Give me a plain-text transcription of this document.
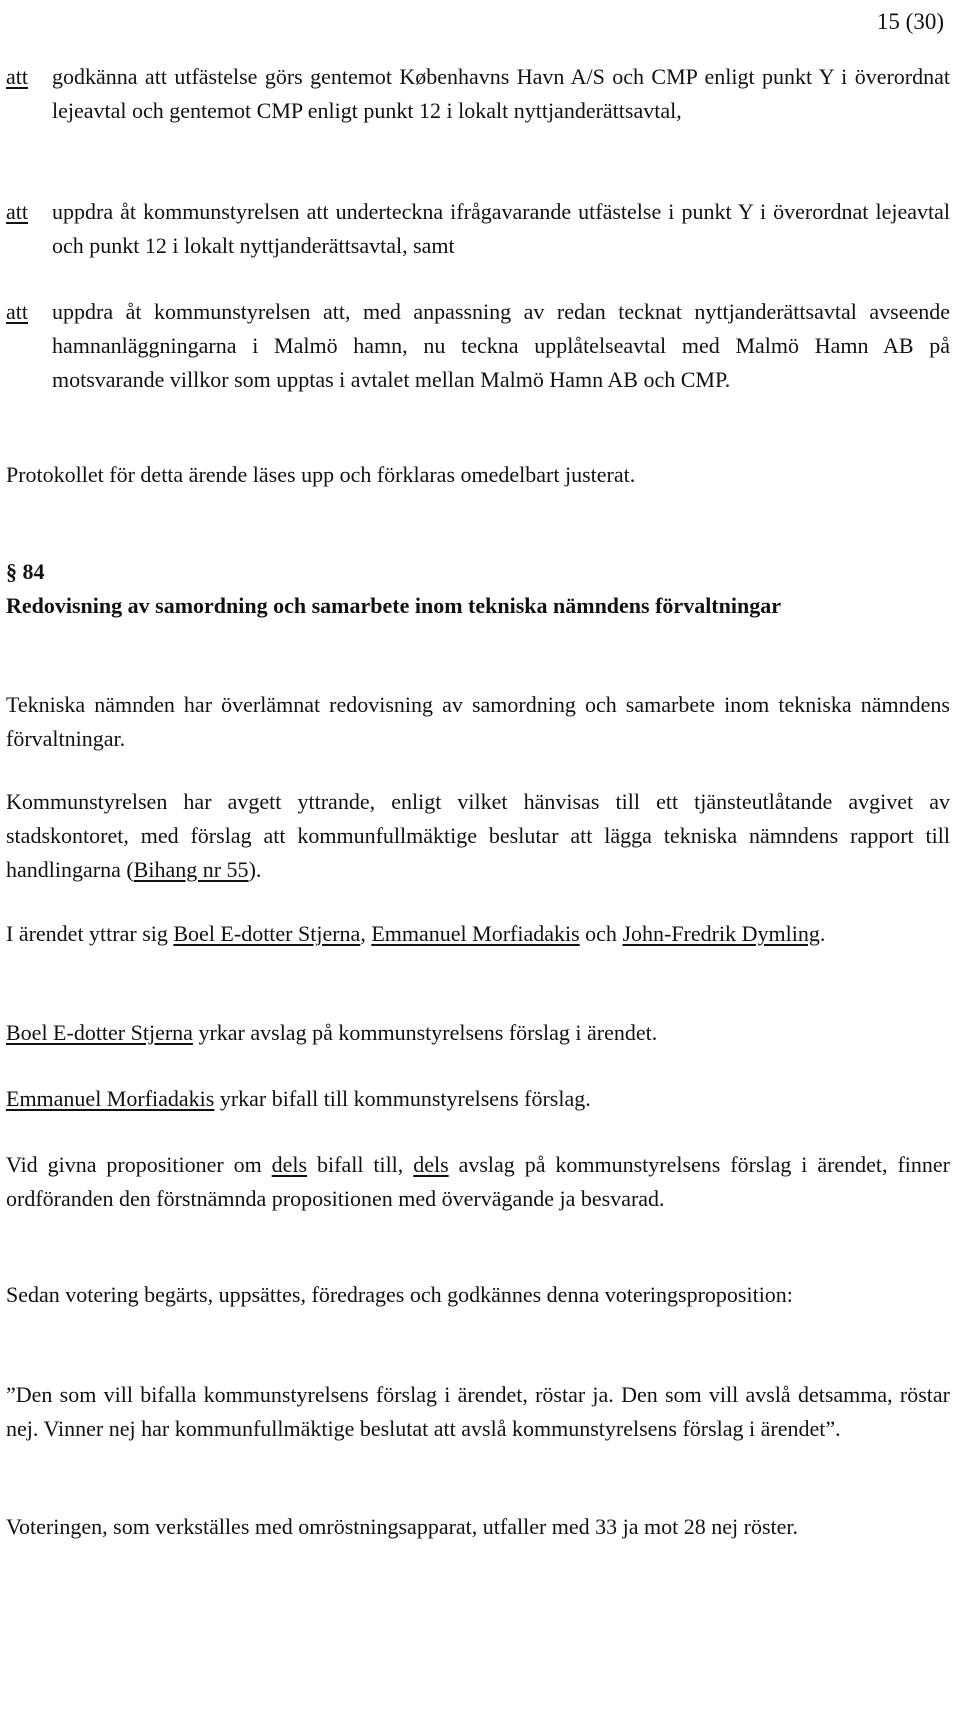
15 (30)
att	godkänna att utfästelse görs gentemot Københavns Havn A/S och CMP enligt punkt Y i överordnat lejeavtal och gentemot CMP enligt punkt 12 i lokalt nyttjanderättsavtal,
att	uppdra åt kommunstyrelsen att underteckna ifrågavarande utfästelse i punkt Y i överordnat lejeavtal och punkt 12 i lokalt nyttjanderättsavtal, samt
att	uppdra åt kommunstyrelsen att, med anpassning av redan tecknat nyttjanderättsavtal avseende hamnanläggningarna i Malmö hamn, nu teckna upplåtelseavtal med Malmö Hamn AB på motsvarande villkor som upptas i avtalet mellan Malmö Hamn AB och CMP.
Protokollet för detta ärende läses upp och förklaras omedelbart justerat.
§ 84
Redovisning av samordning och samarbete inom tekniska nämndens förvaltningar
Tekniska nämnden har överlämnat redovisning av samordning och samarbete inom tekniska nämndens förvaltningar.
Kommunstyrelsen har avgett yttrande, enligt vilket hänvisas till ett tjänsteutlåtande avgivet av stadskontoret, med förslag att kommunfullmäktige beslutar att lägga tekniska nämndens rapport till handlingarna (Bihang nr 55).
I ärendet yttrar sig Boel E-dotter Stjerna, Emmanuel Morfiadakis och John-Fredrik Dymling.
Boel E-dotter Stjerna yrkar avslag på kommunstyrelsens förslag i ärendet.
Emmanuel Morfiadakis yrkar bifall till kommunstyrelsens förslag.
Vid givna propositioner om dels bifall till, dels avslag på kommunstyrelsens förslag i ärendet, finner ordföranden den förstnämnda propositionen med övervägande ja besvarad.
Sedan votering begärts, uppsättes, föredrages och godkännes denna voteringsproposition:
”Den som vill bifalla kommunstyrelsens förslag i ärendet, röstar ja. Den som vill avslå detsamma, röstar nej. Vinner nej har kommunfullmäktige beslutat att avslå kommunstyrelsens förslag i ärendet”.
Voteringen, som verkställes med omröstningsapparat, utfaller med 33 ja mot 28 nej röster.
